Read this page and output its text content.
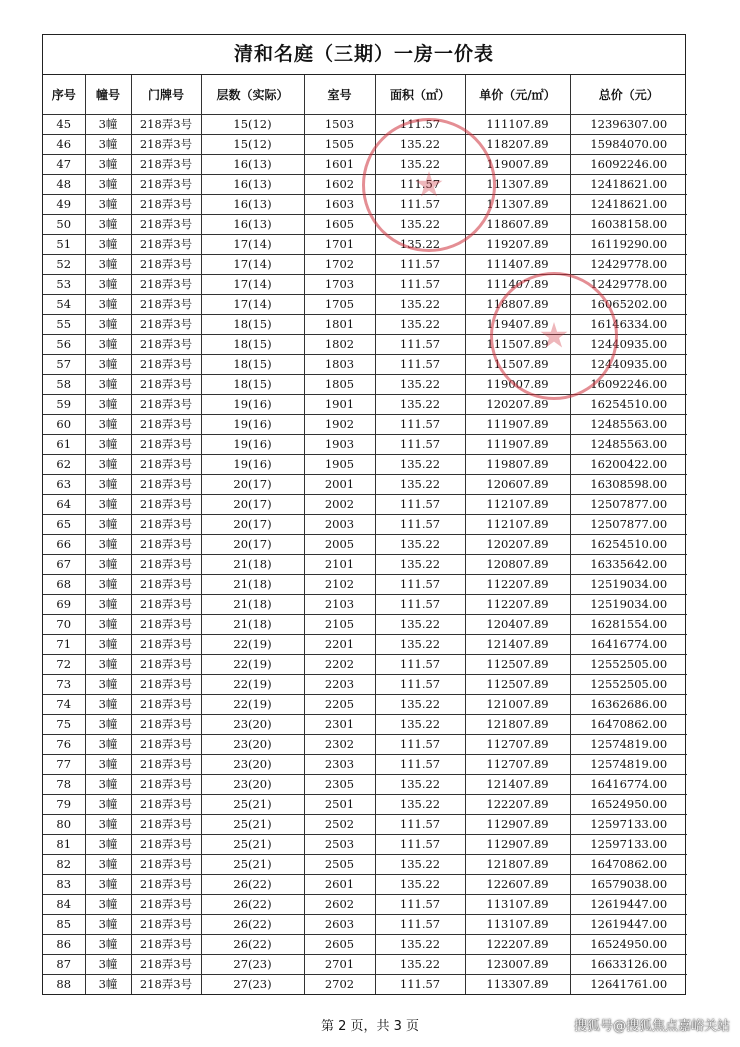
清和名庭（三期）一房一价表
序号	幢号	门牌号	层数（实际）	室号	面积（㎡）	单价（元/㎡）	总价（元）
45	3幢	218弄3号	15(12)	1503	111.57	111107.89	12396307.00
46	3幢	218弄3号	15(12)	1505	135.22	118207.89	15984070.00
47	3幢	218弄3号	16(13)	1601	135.22	119007.89	16092246.00
48	3幢	218弄3号	16(13)	1602	111.57	111307.89	12418621.00
49	3幢	218弄3号	16(13)	1603	111.57	111307.89	12418621.00
50	3幢	218弄3号	16(13)	1605	135.22	118607.89	16038158.00
51	3幢	218弄3号	17(14)	1701	135.22	119207.89	16119290.00
52	3幢	218弄3号	17(14)	1702	111.57	111407.89	12429778.00
53	3幢	218弄3号	17(14)	1703	111.57	111407.89	12429778.00
54	3幢	218弄3号	17(14)	1705	135.22	118807.89	16065202.00
55	3幢	218弄3号	18(15)	1801	135.22	119407.89	16146334.00
56	3幢	218弄3号	18(15)	1802	111.57	111507.89	12440935.00
57	3幢	218弄3号	18(15)	1803	111.57	111507.89	12440935.00
58	3幢	218弄3号	18(15)	1805	135.22	119007.89	16092246.00
59	3幢	218弄3号	19(16)	1901	135.22	120207.89	16254510.00
60	3幢	218弄3号	19(16)	1902	111.57	111907.89	12485563.00
61	3幢	218弄3号	19(16)	1903	111.57	111907.89	12485563.00
62	3幢	218弄3号	19(16)	1905	135.22	119807.89	16200422.00
63	3幢	218弄3号	20(17)	2001	135.22	120607.89	16308598.00
64	3幢	218弄3号	20(17)	2002	111.57	112107.89	12507877.00
65	3幢	218弄3号	20(17)	2003	111.57	112107.89	12507877.00
66	3幢	218弄3号	20(17)	2005	135.22	120207.89	16254510.00
67	3幢	218弄3号	21(18)	2101	135.22	120807.89	16335642.00
68	3幢	218弄3号	21(18)	2102	111.57	112207.89	12519034.00
69	3幢	218弄3号	21(18)	2103	111.57	112207.89	12519034.00
70	3幢	218弄3号	21(18)	2105	135.22	120407.89	16281554.00
71	3幢	218弄3号	22(19)	2201	135.22	121407.89	16416774.00
72	3幢	218弄3号	22(19)	2202	111.57	112507.89	12552505.00
73	3幢	218弄3号	22(19)	2203	111.57	112507.89	12552505.00
74	3幢	218弄3号	22(19)	2205	135.22	121007.89	16362686.00
75	3幢	218弄3号	23(20)	2301	135.22	121807.89	16470862.00
76	3幢	218弄3号	23(20)	2302	111.57	112707.89	12574819.00
77	3幢	218弄3号	23(20)	2303	111.57	112707.89	12574819.00
78	3幢	218弄3号	23(20)	2305	135.22	121407.89	16416774.00
79	3幢	218弄3号	25(21)	2501	135.22	122207.89	16524950.00
80	3幢	218弄3号	25(21)	2502	111.57	112907.89	12597133.00
81	3幢	218弄3号	25(21)	2503	111.57	112907.89	12597133.00
82	3幢	218弄3号	25(21)	2505	135.22	121807.89	16470862.00
83	3幢	218弄3号	26(22)	2601	135.22	122607.89	16579038.00
84	3幢	218弄3号	26(22)	2602	111.57	113107.89	12619447.00
85	3幢	218弄3号	26(22)	2603	111.57	113107.89	12619447.00
86	3幢	218弄3号	26(22)	2605	135.22	122207.89	16524950.00
87	3幢	218弄3号	27(23)	2701	135.22	123007.89	16633126.00
88	3幢	218弄3号	27(23)	2702	111.57	113307.89	12641761.00
第 2 页，共 3 页	搜狐号@搜狐焦点嘉峪关站
